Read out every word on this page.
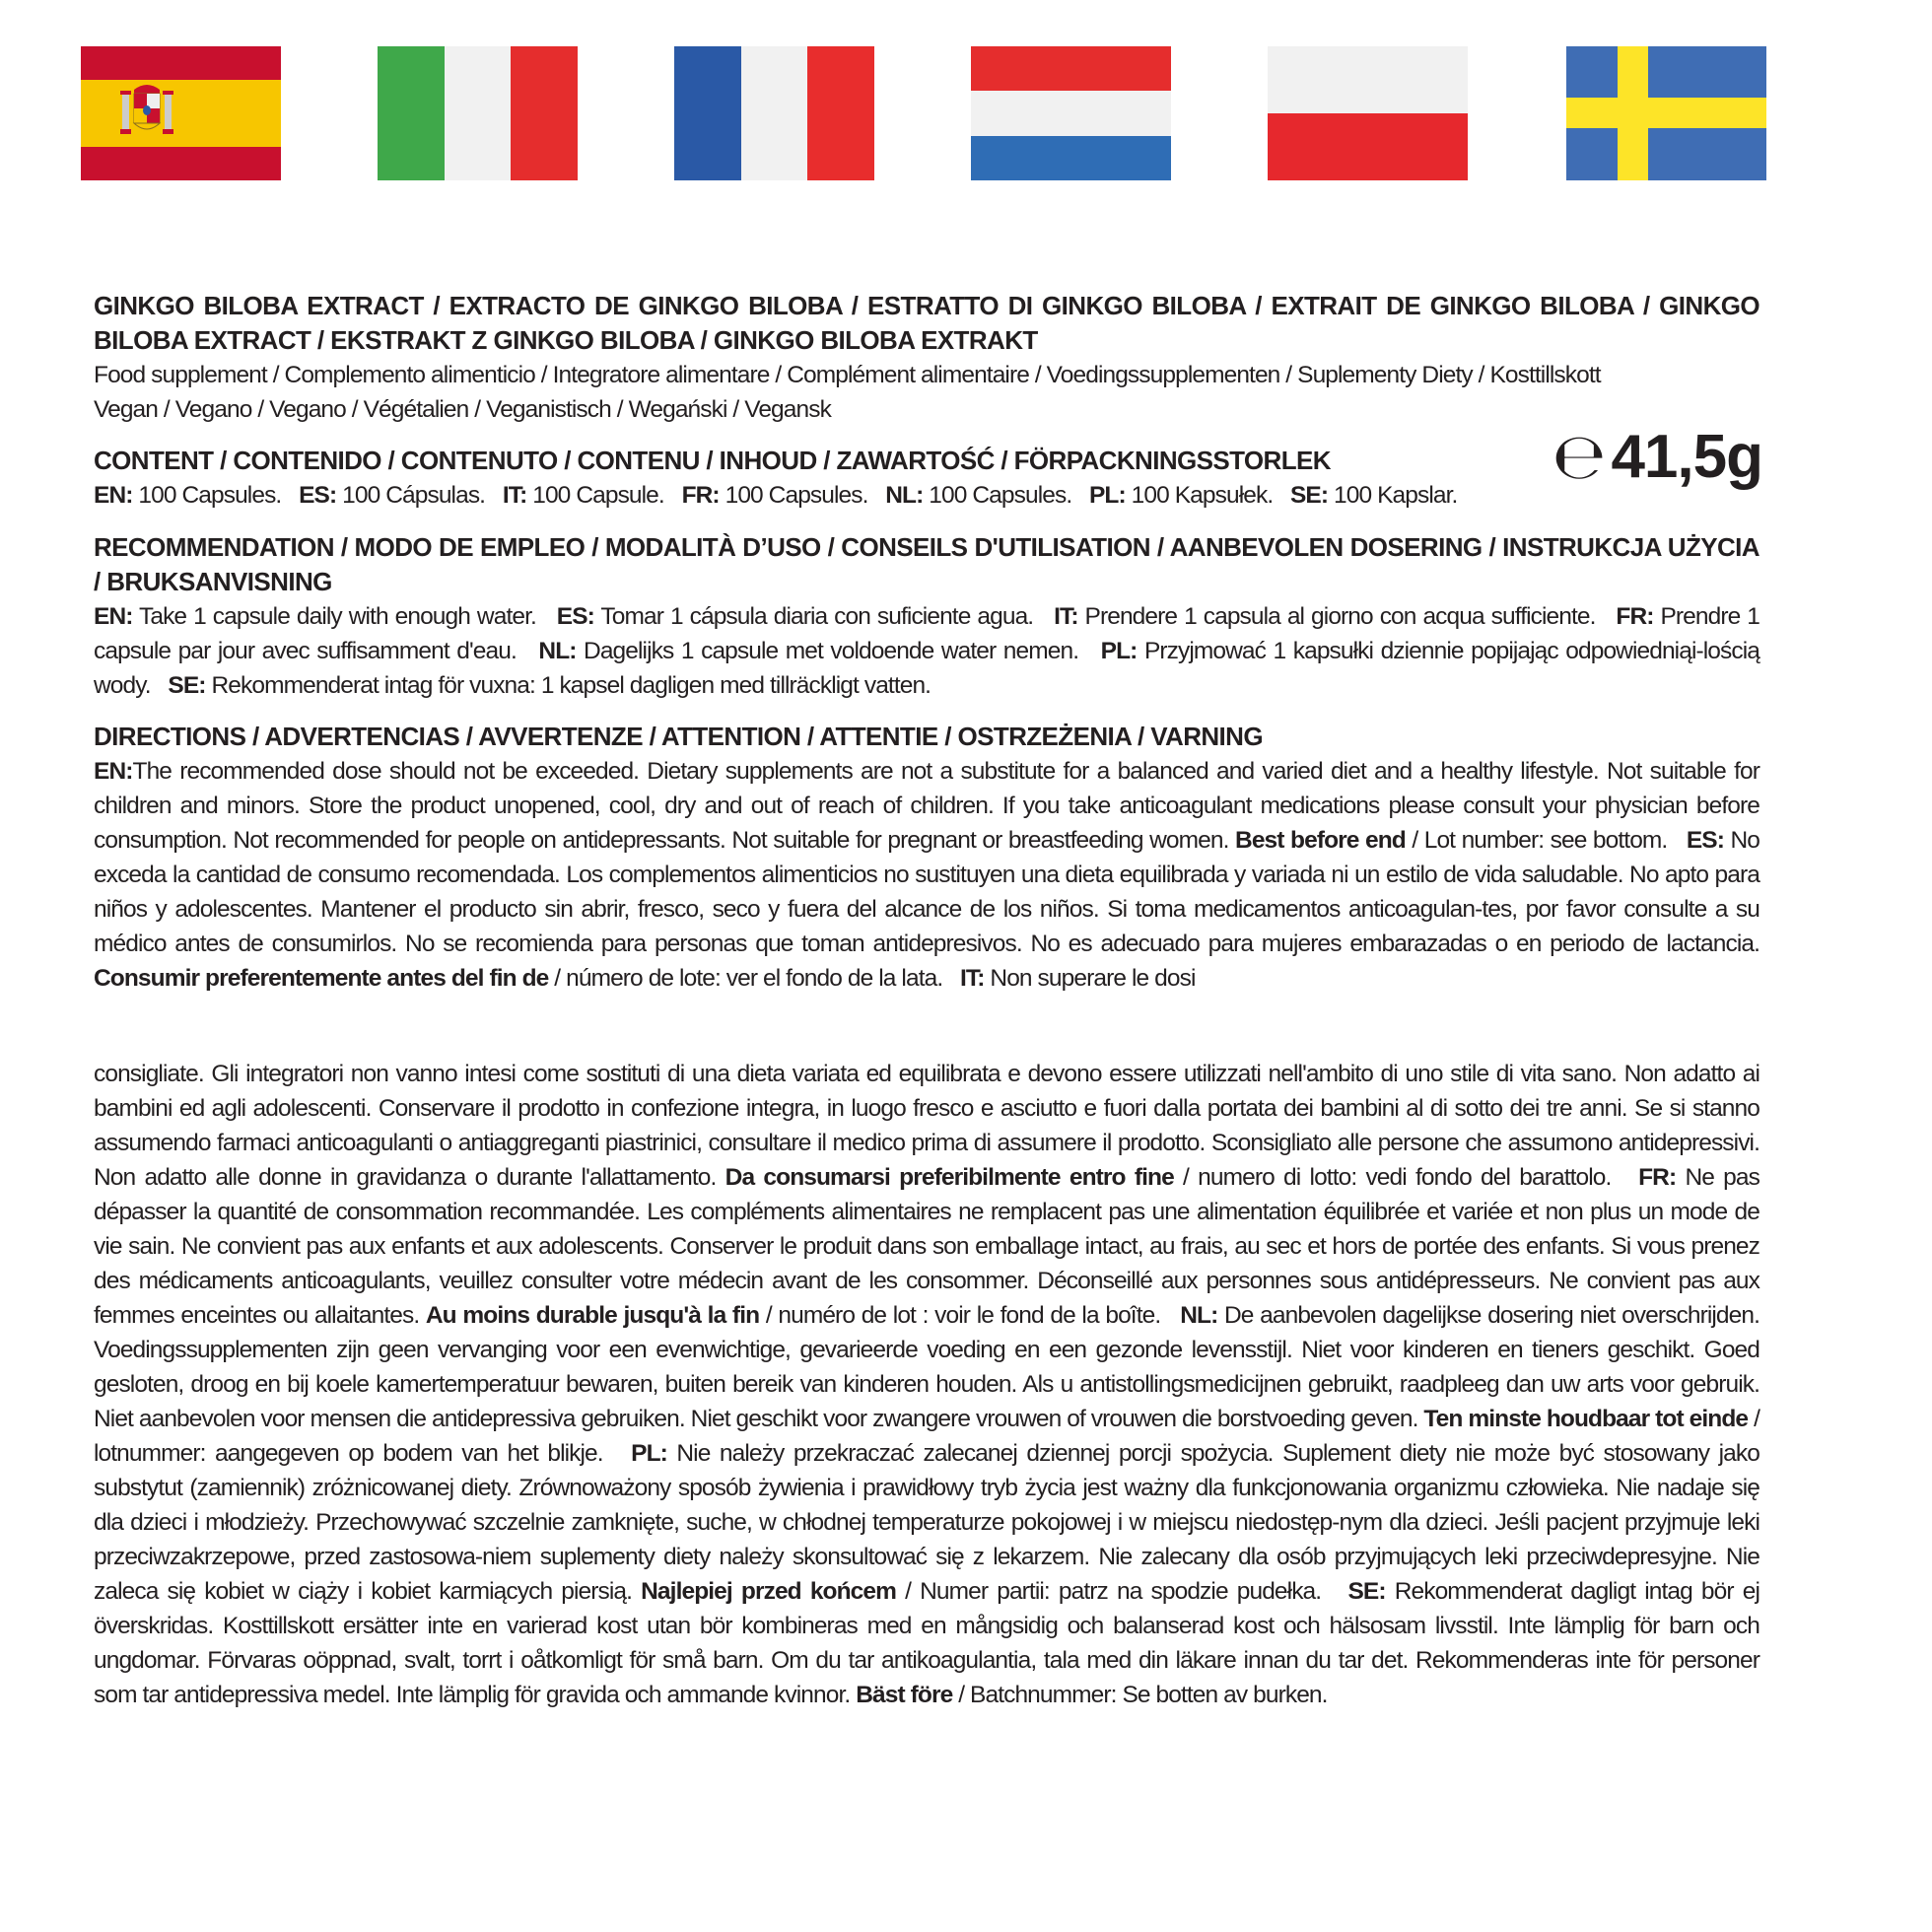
GINKGO BILOBA EXTRACT / EXTRACTO DE GINKGO BILOBA / ESTRATTO DI GINKGO BILOBA / EXTRAIT DE GINKGO BILOBA / GINKGO BILOBA EXTRACT / EKSTRAKT Z GINKGO BILOBA / GINKGO BILOBA EXTRAKT

Food supplement / Complemento alimenticio / Integratore alimentare / Complément alimentaire / Voedingssupplementen / Suplementy Diety / Kosttillskott

Vegan / Vegano / Vegano / Végétalien / Veganistisch / Wegański / Vegansk

CONTENT / CONTENIDO / CONTENUTO / CONTENU / INHOUD / ZAWARTOŚĆ / FÖRPACKNINGSSTORLEK

EN: 100 Capsules. ES: 100 Cápsulas. IT: 100 Capsule. FR: 100 Capsules. NL: 100 Capsules. PL: 100 Kapsułek. SE: 100 Kapslar.

℮ 41,5g

RECOMMENDATION / MODO DE EMPLEO / MODALITÀ D’USO / CONSEILS D'UTILISATION / AANBEVOLEN DOSERING / INSTRUKCJA UŻYCIA / BRUKSANVISNING

EN: Take 1 capsule daily with enough water. ES: Tomar 1 cápsula diaria con suficiente agua. IT: Prendere 1 capsula al giorno con acqua sufficiente. FR: Prendre 1 capsule par jour avec suffisamment d'eau. NL: Dagelijks 1 capsule met voldoende water nemen. PL: Przyjmować 1 kapsułki dziennie popijając odpowiedniąi-lością wody. SE: Rekommenderat intag för vuxna: 1 kapsel dagligen med tillräckligt vatten.

DIRECTIONS / ADVERTENCIAS / AVVERTENZE / ATTENTION / ATTENTIE / OSTRZEŻENIA / VARNING

EN:The recommended dose should not be exceeded. Dietary supplements are not a substitute for a balanced and varied diet and a healthy lifestyle. Not suitable for children and minors. Store the product unopened, cool, dry and out of reach of children. If you take anticoagulant medications please consult your physician before consumption. Not recommended for people on antidepressants. Not suitable for pregnant or breastfeeding women. Best before end / Lot number: see bottom. ES: No exceda la cantidad de consumo recomendada. Los complementos alimenticios no sustituyen una dieta equilibrada y variada ni un estilo de vida saludable. No apto para niños y adolescentes. Mantener el producto sin abrir, fresco, seco y fuera del alcance de los niños. Si toma medicamentos anticoagulan-tes, por favor consulte a su médico antes de consumirlos. No se recomienda para personas que toman antidepresivos. No es adecuado para mujeres embarazadas o en periodo de lactancia. Consumir preferentemente antes del fin de / número de lote: ver el fondo de la lata. IT: Non superare le dosi

consigliate. Gli integratori non vanno intesi come sostituti di una dieta variata ed equilibrata e devono essere utilizzati nell'ambito di uno stile di vita sano. Non adatto ai bambini ed agli adolescenti. Conservare il prodotto in confezione integra, in luogo fresco e asciutto e fuori dalla portata dei bambini al di sotto dei tre anni. Se si stanno assumendo farmaci anticoagulanti o antiaggreganti piastrinici, consultare il medico prima di assumere il prodotto. Sconsigliato alle persone che assumono antidepressivi. Non adatto alle donne in gravidanza o durante l'allattamento. Da consumarsi preferibilmente entro fine / numero di lotto: vedi fondo del barattolo. FR: Ne pas dépasser la quantité de consommation recommandée. Les compléments alimentaires ne remplacent pas une alimentation équilibrée et variée et non plus un mode de vie sain. Ne convient pas aux enfants et aux adolescents. Conserver le produit dans son emballage intact, au frais, au sec et hors de portée des enfants. Si vous prenez des médicaments anticoagulants, veuillez consulter votre médecin avant de les consommer. Déconseillé aux personnes sous antidépresseurs. Ne convient pas aux femmes enceintes ou allaitantes. Au moins durable jusqu'à la fin / numéro de lot : voir le fond de la boîte. NL: De aanbevolen dagelijkse dosering niet overschrijden. Voedingssupplementen zijn geen vervanging voor een evenwichtige, gevarieerde voeding en een gezonde levensstijl. Niet voor kinderen en tieners geschikt. Goed gesloten, droog en bij koele kamertemperatuur bewaren, buiten bereik van kinderen houden. Als u antistollingsmedicijnen gebruikt, raadpleeg dan uw arts voor gebruik. Niet aanbevolen voor mensen die antidepressiva gebruiken. Niet geschikt voor zwangere vrouwen of vrouwen die borstvoeding geven. Ten minste houdbaar tot einde / lotnummer: aangegeven op bodem van het blikje. PL: Nie należy przekraczać zalecanej dziennej porcji spożycia. Suplement diety nie może być stosowany jako substytut (zamiennik) zróżnicowanej diety. Zrównoważony sposób żywienia i prawidłowy tryb życia jest ważny dla funkcjonowania organizmu człowieka. Nie nadaje się dla dzieci i młodzieży. Przechowywać szczelnie zamknięte, suche, w chłodnej temperaturze pokojowej i w miejscu niedostęp-nym dla dzieci. Jeśli pacjent przyjmuje leki przeciwzakrzepowe, przed zastosowa-niem suplementy diety należy skonsultować się z lekarzem. Nie zalecany dla osób przyjmujących leki przeciwdepresyjne. Nie zaleca się kobiet w ciąży i kobiet karmiących piersią. Najlepiej przed końcem / Numer partii: patrz na spodzie pudełka. SE: Rekommenderat dagligt intag bör ej överskridas. Kosttillskott ersätter inte en varierad kost utan bör kombineras med en mångsidig och balanserad kost och hälsosam livsstil. Inte lämplig för barn och ungdomar. Förvaras oöppnad, svalt, torrt i oåtkomligt för små barn. Om du tar antikoagulantia, tala med din läkare innan du tar det. Rekommenderas inte för personer som tar antidepressiva medel. Inte lämplig för gravida och ammande kvinnor. Bäst före / Batchnummer: Se botten av burken.
